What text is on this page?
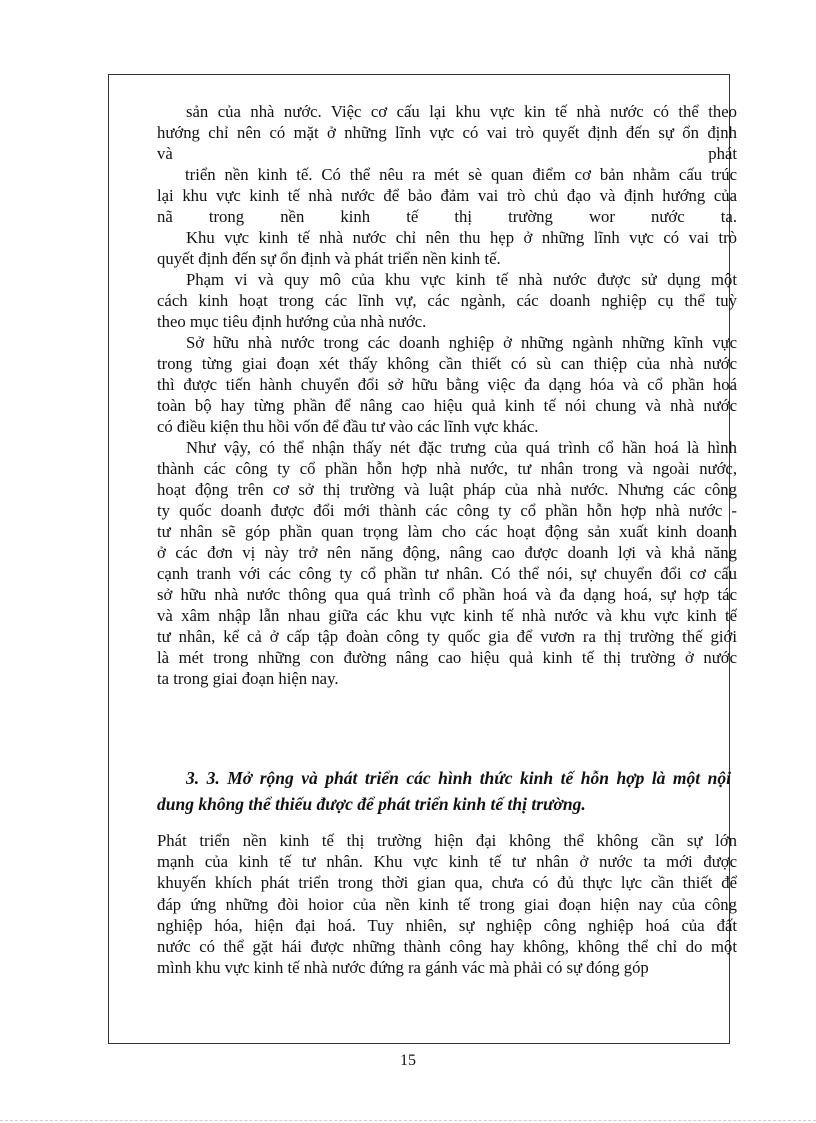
sản của nhà nước. Việc cơ cấu lại khu vực kin tế nhà nước có thể theo
hướng chỉ nên có mặt ở những lĩnh vực có vai trò quyết định đến sự ổn định
và phát
triển nền kinh tế. Có thể nêu ra mét sè quan điểm cơ bản nhằm cấu trúc
lại khu vực kinh tế nhà nước để bảo đảm vai trò chủ đạo và định hướng của
nã trong nền kinh tế thị trường wor nước ta.
Khu vực kinh tế nhà nước chỉ nên thu hẹp ở những lĩnh vực có vai trò
quyết định đến sự ổn định và phát triển nền kinh tế.
Phạm vi và quy mô của khu vực kinh tế nhà nước được sử dụng một
cách kinh hoạt trong các lĩnh vự, các ngành, các doanh nghiệp cụ thể tuỳ
theo mục tiêu định hướng của nhà nước.
Sở hữu nhà nước trong các doanh nghiệp ở những ngành những kĩnh vực
trong từng giai đoạn xét thấy không cần thiết có sù can thiệp của nhà nước
thì được tiến hành chuyển đổi sở hữu bằng việc đa dạng hóa và cổ phần hoá
toàn bộ hay từng phần để nâng cao hiệu quả kinh tế nói chung và nhà nước
có điều kiện thu hồi vốn để đầu tư vào các lĩnh vực khác.
Như vậy, có thể nhận thấy nét đặc trưng của quá trình cổ hần hoá là hình
thành các công ty cổ phần hỗn hợp nhà nước, tư nhân trong và ngoài nước,
hoạt động trên cơ sở thị trường và luật pháp của nhà nước. Nhưng các công
ty quốc doanh được đổi mới thành các công ty cổ phần hỗn hợp nhà nước -
tư nhân sẽ góp phần quan trọng làm cho các hoạt động sản xuất kinh doanh
ở các đơn vị này trở nên năng động, nâng cao được doanh lợi và khả năng
cạnh tranh với các công ty cổ phần tư nhân. Có thể nói, sự chuyển đổi cơ cấu
sở hữu nhà nước thông qua quá trình cổ phần hoá và đa dạng hoá, sự hợp tác
và xâm nhập lẫn nhau giữa các khu vực kinh tế nhà nước và khu vực kinh tế
tư nhân, kể cả ở cấp tập đoàn công ty quốc gia để vươn ra thị trường thế giới
là mét trong những con đường nâng cao hiệu quả kinh tế thị trường ở nước
ta trong giai đoạn hiện nay.
3. 3. Mở rộng và phát triển các hình thức kinh tế hỗn hợp là một nội
dung không thể thiếu được để phát triển kinh tế thị trường.
Phát triển nền kinh tế thị trường hiện đại không thể không cần sự lớn
mạnh của kinh tế tư nhân. Khu vực kinh tế tư nhân ở nước ta mới được
khuyến khích phát triển trong thời gian qua, chưa có đủ thực lực cần thiết để
đáp ứng những đòi hoior của nền kinh tế trong giai đoạn hiện nay của công
nghiệp hóa, hiện đại hoá. Tuy nhiên, sự nghiệp công nghiệp hoá của đất
nước có thể gặt hái được những thành công hay không, không thể chỉ do một
mình khu vực kinh tế nhà nước đứng ra gánh vác mà phải có sự đóng góp
15
